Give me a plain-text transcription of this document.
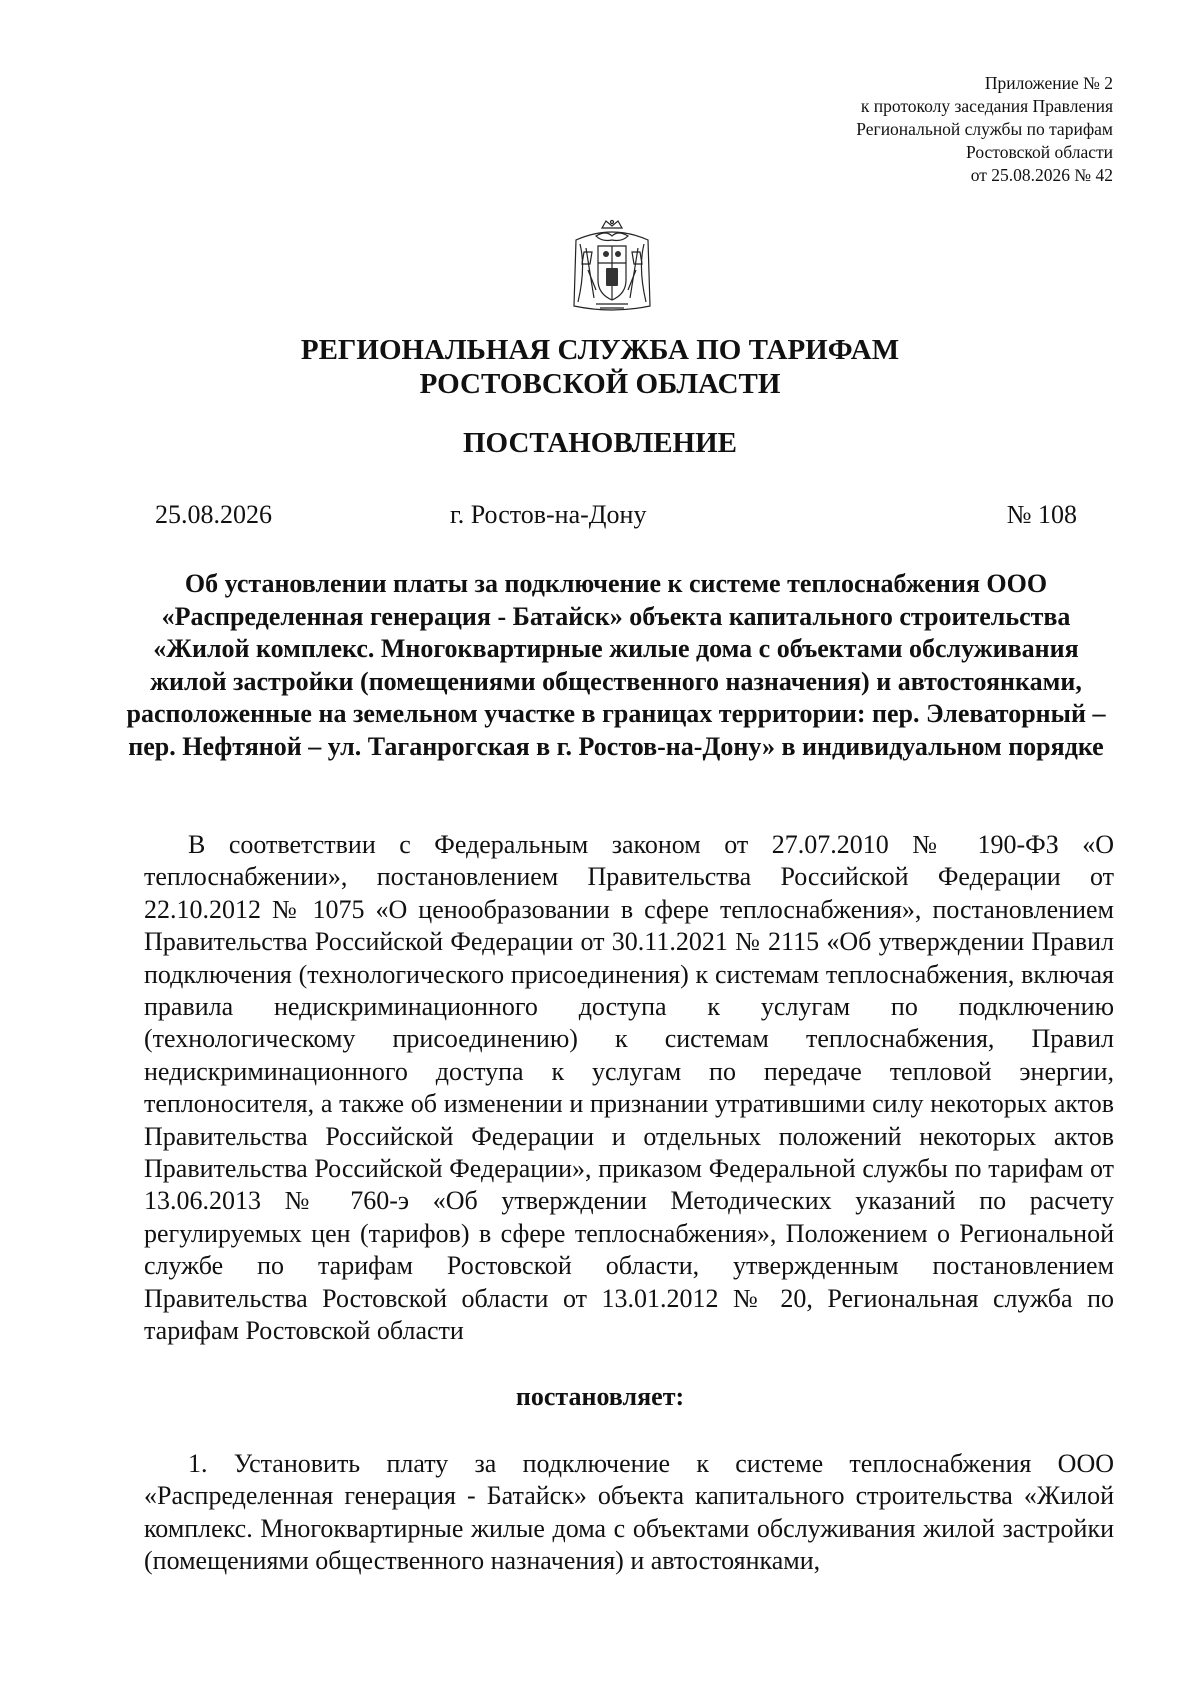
Приложение № 2
к протоколу заседания Правления
Региональной службы по тарифам
Ростовской области
от 25.08.2026 № 42
РЕГИОНАЛЬНАЯ СЛУЖБА ПО ТАРИФАМ
РОСТОВСКОЙ ОБЛАСТИ
ПОСТАНОВЛЕНИЕ
25.08.2026	г. Ростов-на-Дону	№ 108
Об установлении платы за подключение к системе теплоснабжения ООО «Распределенная генерация - Батайск» объекта капитального строительства «Жилой комплекс. Многоквартирные жилые дома с объектами обслуживания жилой застройки (помещениями общественного назначения) и автостоянками, расположенные на земельном участке в границах территории: пер. Элеваторный – пер. Нефтяной – ул. Таганрогская в г. Ростов-на-Дону» в индивидуальном порядке
В соответствии с Федеральным законом от 27.07.2010 № 190-ФЗ «О теплоснабжении», постановлением Правительства Российской Федерации от 22.10.2012 № 1075 «О ценообразовании в сфере теплоснабжения», постановлением Правительства Российской Федерации от 30.11.2021 № 2115 «Об утверждении Правил подключения (технологического присоединения) к системам теплоснабжения, включая правила недискриминационного доступа к услугам по подключению (технологическому присоединению) к системам теплоснабжения, Правил недискриминационного доступа к услугам по передаче тепловой энергии, теплоносителя, а также об изменении и признании утратившими силу некоторых актов Правительства Российской Федерации и отдельных положений некоторых актов Правительства Российской Федерации», приказом Федеральной службы по тарифам от 13.06.2013 № 760-э «Об утверждении Методических указаний по расчету регулируемых цен (тарифов) в сфере теплоснабжения», Положением о Региональной службе по тарифам Ростовской области, утвержденным постановлением Правительства Ростовской области от 13.01.2012 № 20, Региональная служба по тарифам Ростовской области
постановляет:
1. Установить плату за подключение к системе теплоснабжения ООО «Распределенная генерация - Батайск» объекта капитального строительства «Жилой комплекс. Многоквартирные жилые дома с объектами обслуживания жилой застройки (помещениями общественного назначения) и автостоянками,
